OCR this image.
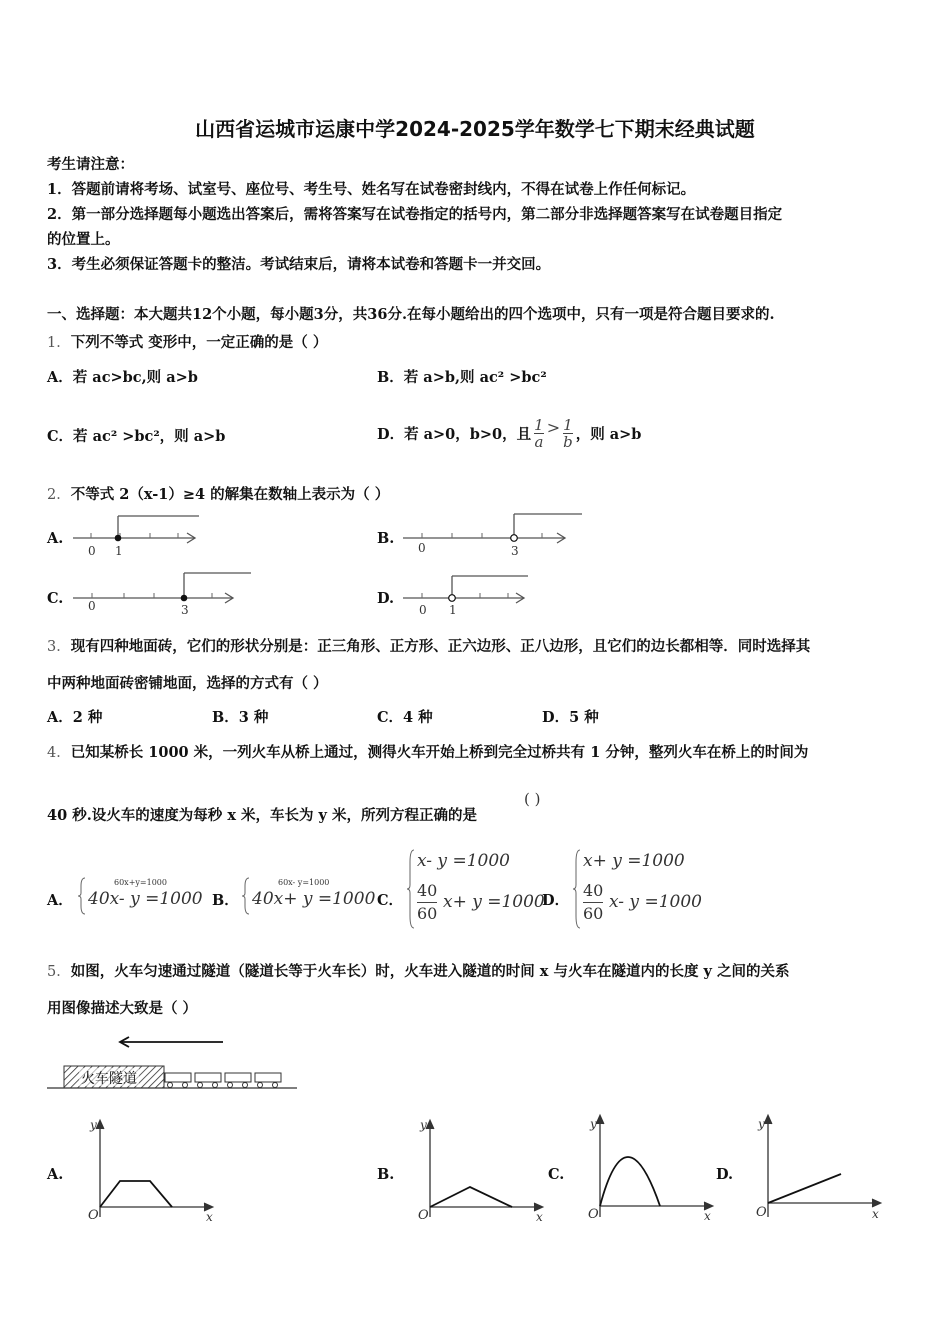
山西省运城市运康中学2024-2025学年数学七下期末经典试题
考生请注意：
1．答题前请将考场、试室号、座位号、考生号、姓名写在试卷密封线内，不得在试卷上作任何标记。
2．第一部分选择题每小题选出答案后，需将答案写在试卷指定的括号内，第二部分非选择题答案写在试卷题目指定
的位置上。
3．考生必须保证答题卡的整洁。考试结束后，请将本试卷和答题卡一并交回。
一、选择题：本大题共12个小题，每小题3分，共36分.在每小题给出的四个选项中，只有一项是符合题目要求的.
1．下列不等式 变形中，一定正确的是（ ）
A．若 ac>bc,则 a>b	B．若 a>b,则 ac² >bc²
C．若 ac² >bc²，则 a>b	D．若 a>0，b>0，且 $\frac{1}{a} > \frac{1}{b}$ ，则 a>b
2．不等式 2（x-1）≥4 的解集在数轴上表示为（ ）
A.
0 1
B.
0	3
C. 0	3
D.
0 1
3．现有四种地面砖，它们的形状分别是：正三角形、正方形、正六边形、正八边形，且它们的边长都相等．同时选择其
中两种地面砖密铺地面，选择的方式有（ ）
A．2 种	B．3 种	C．4 种	D．5 种
4．已知某桥长 1000 米，一列火车从桥上通过，测得火车开始上桥到完全过桥共有 1 分钟，整列火车在桥上的时间为
40 秒.设火车的速度为每秒 x 米，车长为 y 米，所列方程正确的是
( )
A．
60x+y=1000
40x- y =1000 B．
60x- y=1000
40x+ y =1000 C．
x- y =1000
40
60
x+ y =1000
D．
x+ y =1000
40
60
x- y =1000
5．如图，火车匀速通过隧道（隧道长等于火车长）时，火车进入隧道的时间 x 与火车在隧道内的长度 y 之间的关系
用图像描述大致是（ ）
火车隧道
A.
y
O	x
B.
y
O	x
C.
y
O	x
D.
y
O	x
